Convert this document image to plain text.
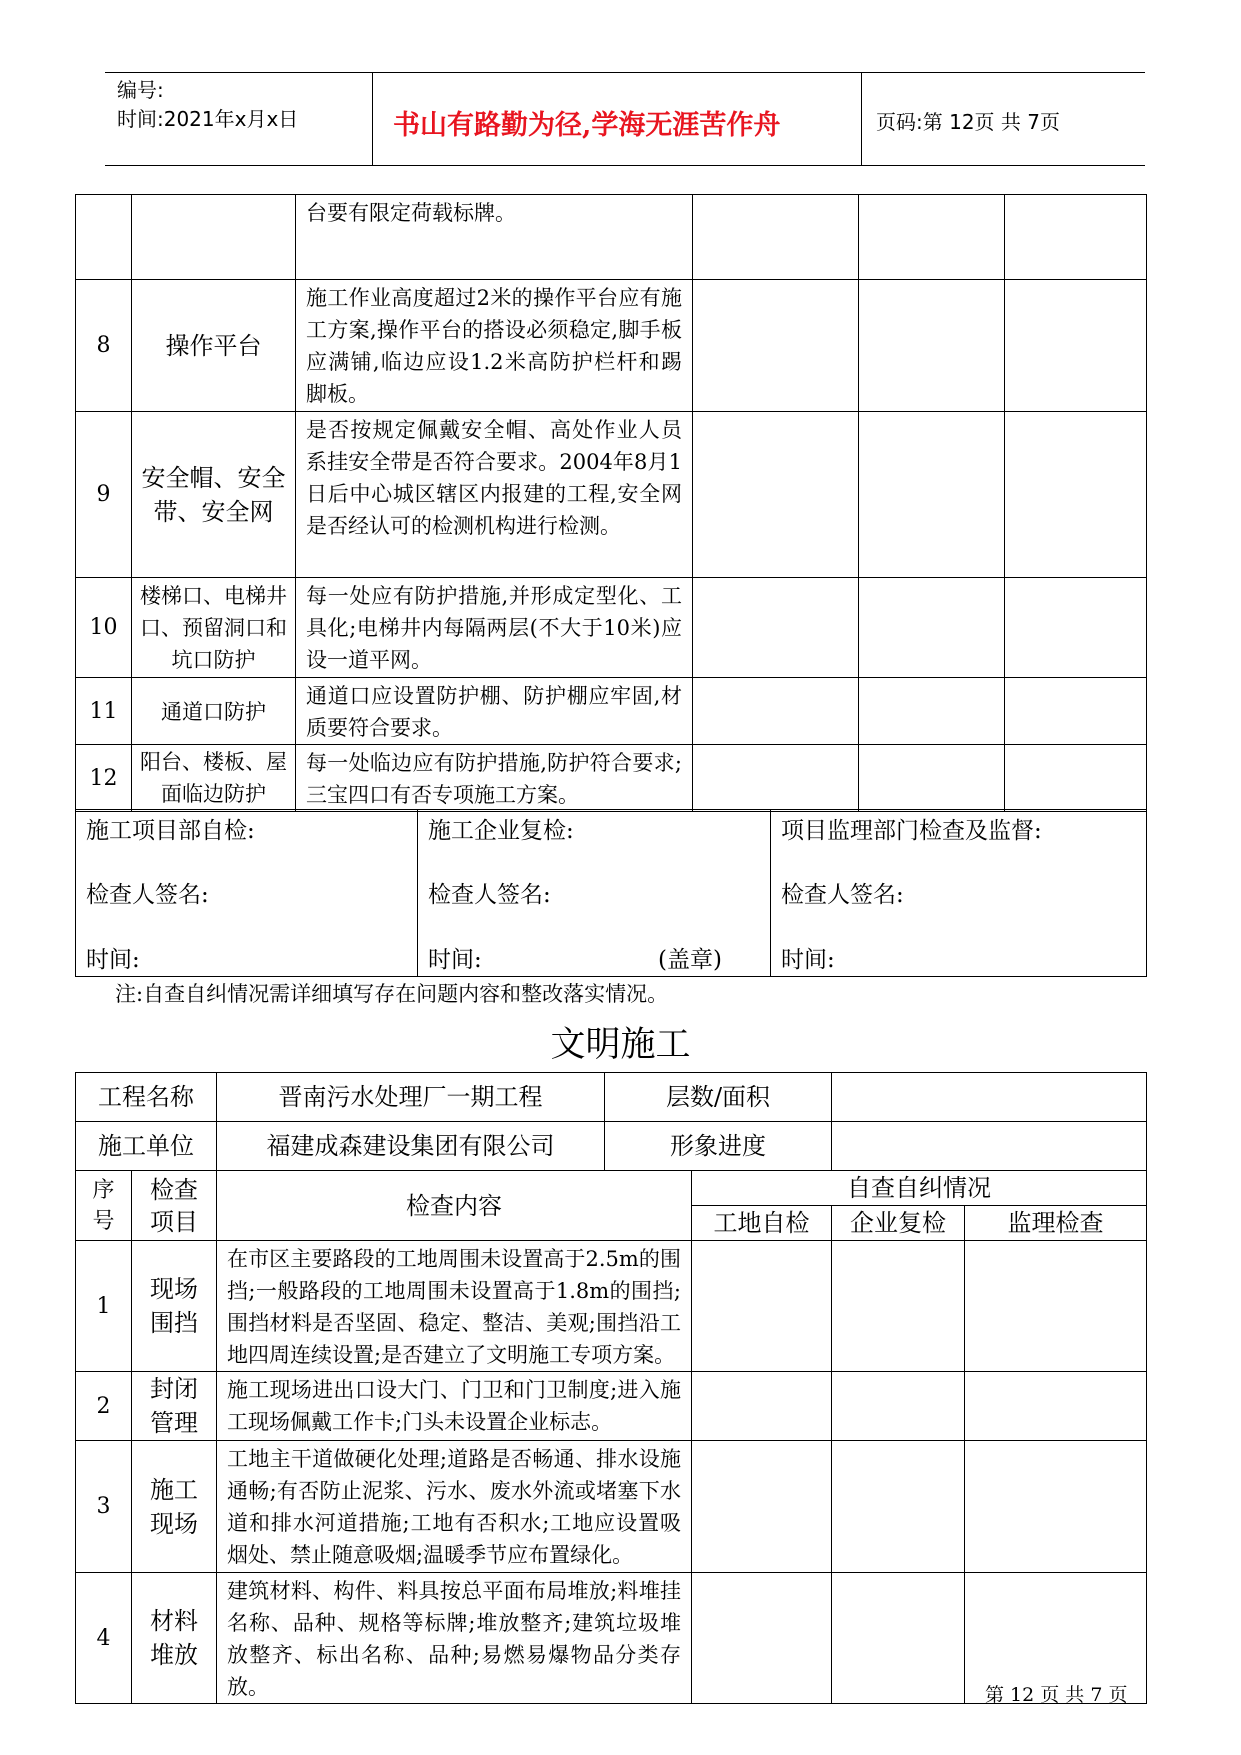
编号:
时间:2021年x月x日	书山有路勤为径,学海无涯苦作舟	页码:第 12页 共 7页
		台要有限定荷载标牌。			
8	操作平台	施工作业高度超过2米的操作平台应有施工方案,操作平台的搭设必须稳定,脚手板应满铺,临边应设1.2米高防护栏杆和踢脚板。			
9	安全帽、安全带、安全网	是否按规定佩戴安全帽、高处作业人员系挂安全带是否符合要求。2004年8月1日后中心城区辖区内报建的工程,安全网是否经认可的检测机构进行检测。			
10	楼梯口、电梯井口、预留洞口和坑口防护	每一处应有防护措施,并形成定型化、工具化;电梯井内每隔两层(不大于10米)应设一道平网。			
11	通道口防护	通道口应设置防护棚、防护棚应牢固,材质要符合要求。			
12	阳台、楼板、屋面临边防护	每一处临边应有防护措施,防护符合要求;三宝四口有否专项施工方案。			
施工项目部自检:
检查人签名:
时间:

施工企业复检:
检查人签名:
时间:	(盖章)

项目监理部门检查及监督:
检查人签名:
时间:
注:自查自纠情况需详细填写存在问题内容和整改落实情况。
文明施工
工程名称		晋南污水处理厂一期工程	层数/面积			
施工单位		福建成森建设集团有限公司	形象进度			
序号	检查项目	检查内容		自查自纠情况		
				工地自检	企业复检	监理检查
1	现场围挡	在市区主要路段的工地周围未设置高于2.5m的围挡;一般路段的工地周围未设置高于1.8m的围挡;围挡材料是否坚固、稳定、整洁、美观;围挡沿工地四周连续设置;是否建立了文明施工专项方案。				
2	封闭管理	施工现场进出口设大门、门卫和门卫制度;进入施工现场佩戴工作卡;门头未设置企业标志。				
3	施工现场	工地主干道做硬化处理;道路是否畅通、排水设施通畅;有否防止泥浆、污水、废水外流或堵塞下水道和排水河道措施;工地有否积水;工地应设置吸烟处、禁止随意吸烟;温暖季节应布置绿化。				
4	材料堆放	建筑材料、构件、料具按总平面布局堆放;料堆挂名称、品种、规格等标牌;堆放整齐;建筑垃圾堆放整齐、标出名称、品种;易燃易爆物品分类存放。					第 12 页 共 7 页
